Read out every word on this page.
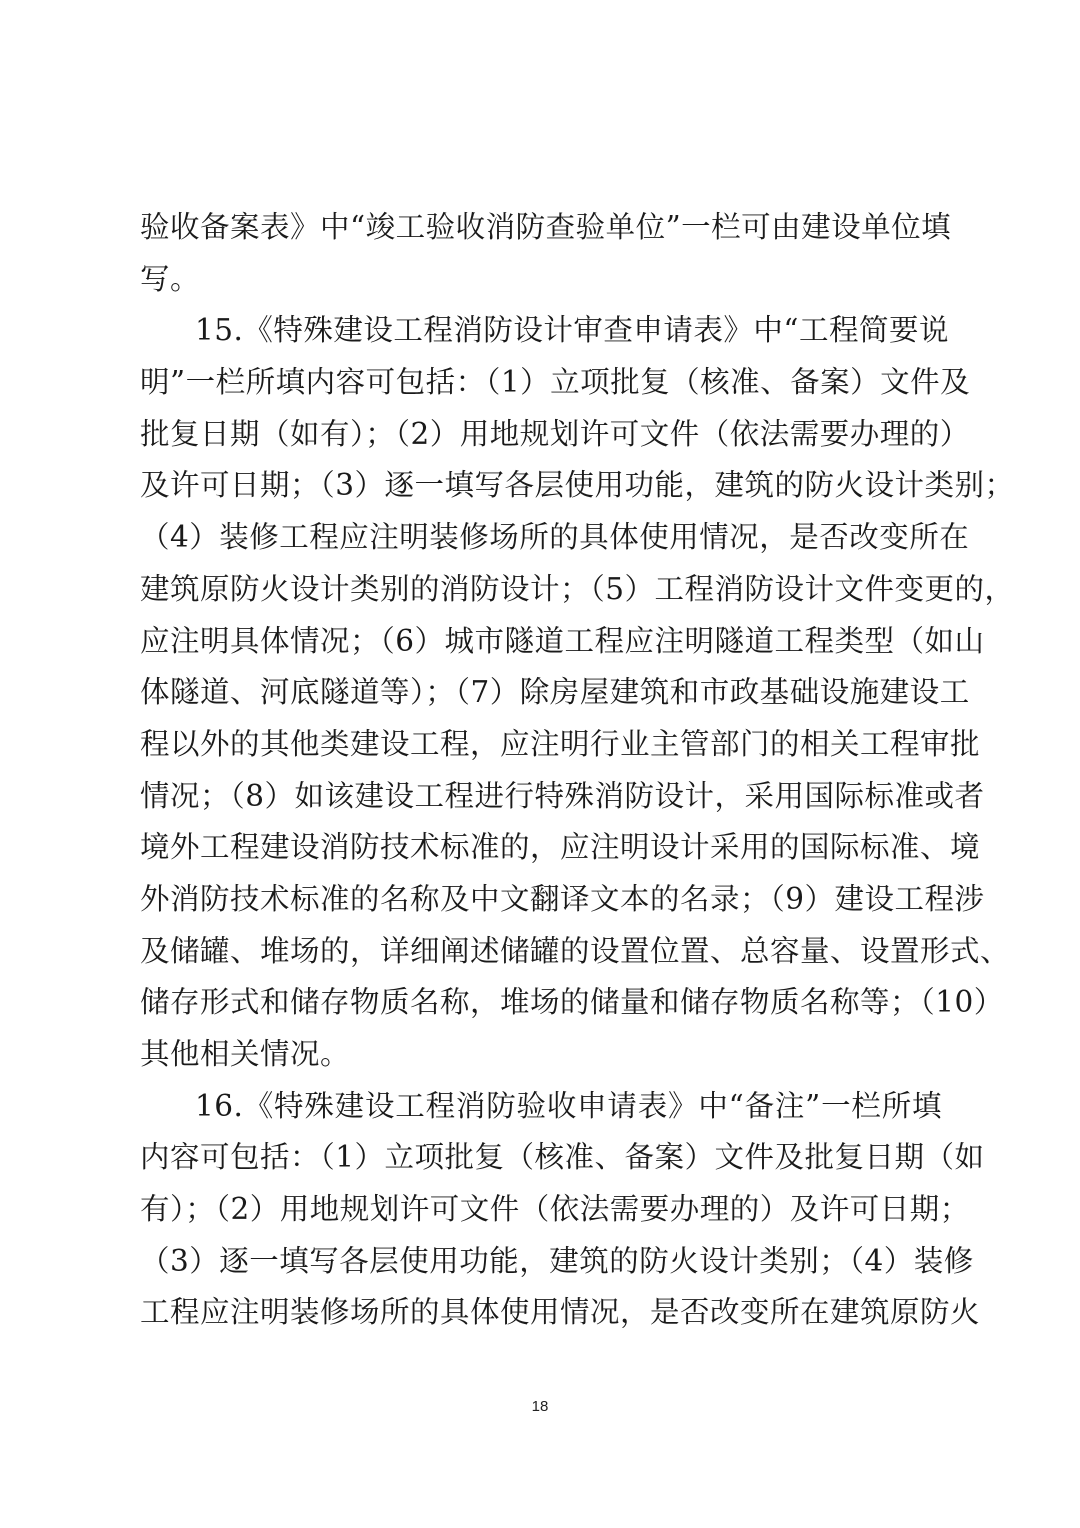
验收备案表》中“竣工验收消防查验单位”一栏可由建设单位填
写。
15.《特殊建设工程消防设计审查申请表》中“工程简要说
明”一栏所填内容可包括：（1）立项批复（核准、备案）文件及
批复日期（如有）；（2）用地规划许可文件（依法需要办理的）
及许可日期；（3）逐一填写各层使用功能，建筑的防火设计类别；
（4）装修工程应注明装修场所的具体使用情况，是否改变所在
建筑原防火设计类别的消防设计；（5）工程消防设计文件变更的，
应注明具体情况；（6）城市隧道工程应注明隧道工程类型（如山
体隧道、河底隧道等）；（7）除房屋建筑和市政基础设施建设工
程以外的其他类建设工程，应注明行业主管部门的相关工程审批
情况；（8）如该建设工程进行特殊消防设计，采用国际标准或者
境外工程建设消防技术标准的，应注明设计采用的国际标准、境
外消防技术标准的名称及中文翻译文本的名录；（9）建设工程涉
及储罐、堆场的，详细阐述储罐的设置位置、总容量、设置形式、
储存形式和储存物质名称，堆场的储量和储存物质名称等；（10）
其他相关情况。
16.《特殊建设工程消防验收申请表》中“备注”一栏所填
内容可包括：（1）立项批复（核准、备案）文件及批复日期（如
有）；（2）用地规划许可文件（依法需要办理的）及许可日期；
（3）逐一填写各层使用功能，建筑的防火设计类别；（4）装修
工程应注明装修场所的具体使用情况，是否改变所在建筑原防火
18
